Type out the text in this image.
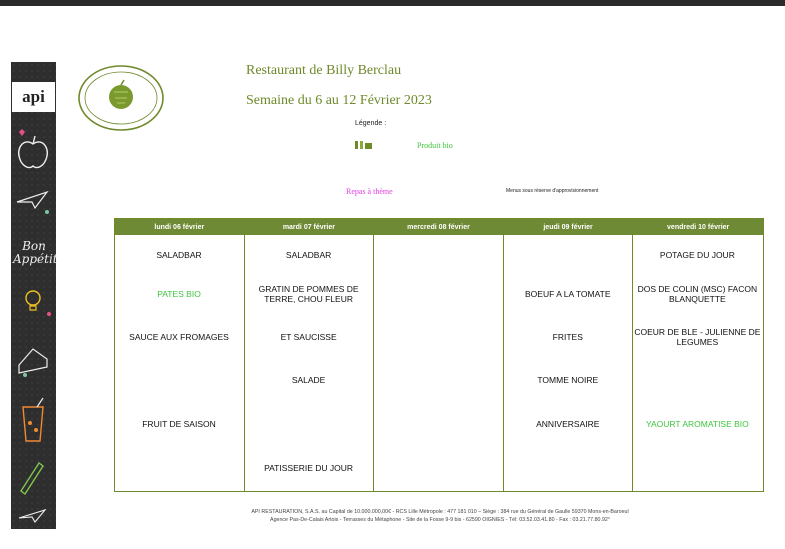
api
Bon Appétit
Restaurant de Billy Berclau
Semaine du 6 au 12 Février 2023
Légende :
Produit bio
Repas à thème	Menus sous réserve d'approvisionnement
lundi 06 février
SALADBAR
PATES BIO
SAUCE AUX FROMAGES
FRUIT DE SAISON
mardi 07 février
SALADBAR
GRATIN DE POMMES DE TERRE, CHOU FLEUR
ET SAUCISSE
SALADE
PATISSERIE DU JOUR
mercredi 08 février	jeudi 09 février
BOEUF A LA TOMATE
FRITES
TOMME NOIRE
ANNIVERSAIRE
vendredi 10 février
POTAGE DU JOUR
DOS DE COLIN (MSC) FACON BLANQUETTE
COEUR DE BLE - JULIENNE DE LEGUMES
YAOURT AROMATISE BIO
API RESTAURATION, S.A.S. au Capital de 10.000.000,00€ - RCS Lille Métropole : 477 181 010 – Siège : 384 rue du Général de Gaulle 59370 Mons-en-Baroeul
Agence Pas-De-Calais Artois - Terrasses du Métaphone - Site de la Fosse 9-9 bis - 62590 OIGNIES - Tél: 03.52.03.41.80 - Fax : 03.21.77.80.92°
